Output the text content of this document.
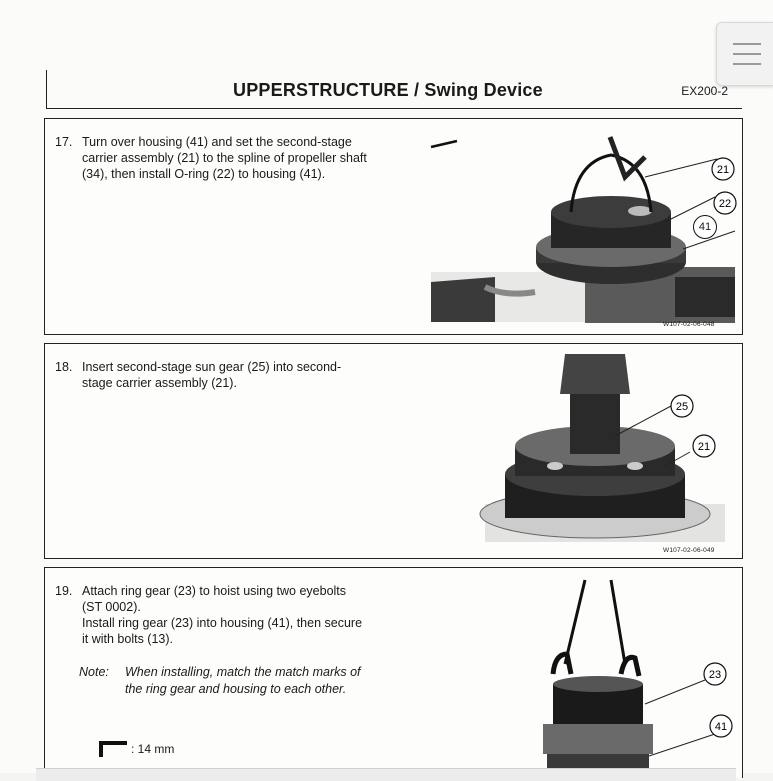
UPPERSTRUCTURE / Swing Device	EX200-2
17. Turn over housing (41) and set the second-stage
carrier assembly (21) to the spline of propeller shaft
(34), then install O-ring (22) to housing (41).	21
22
41
W107-02-06-048
18. Insert second-stage sun gear (25) into second-
stage carrier assembly (21).
25
21
W107-02-06-049
19. Attach ring gear (23) to hoist using two eyebolts
(ST 0002).
Install ring gear (23) into housing (41), then secure
it with bolts (13).
Note: When installing, match the match marks of
the ring gear and housing to each other.
: 14 mm
23
41
